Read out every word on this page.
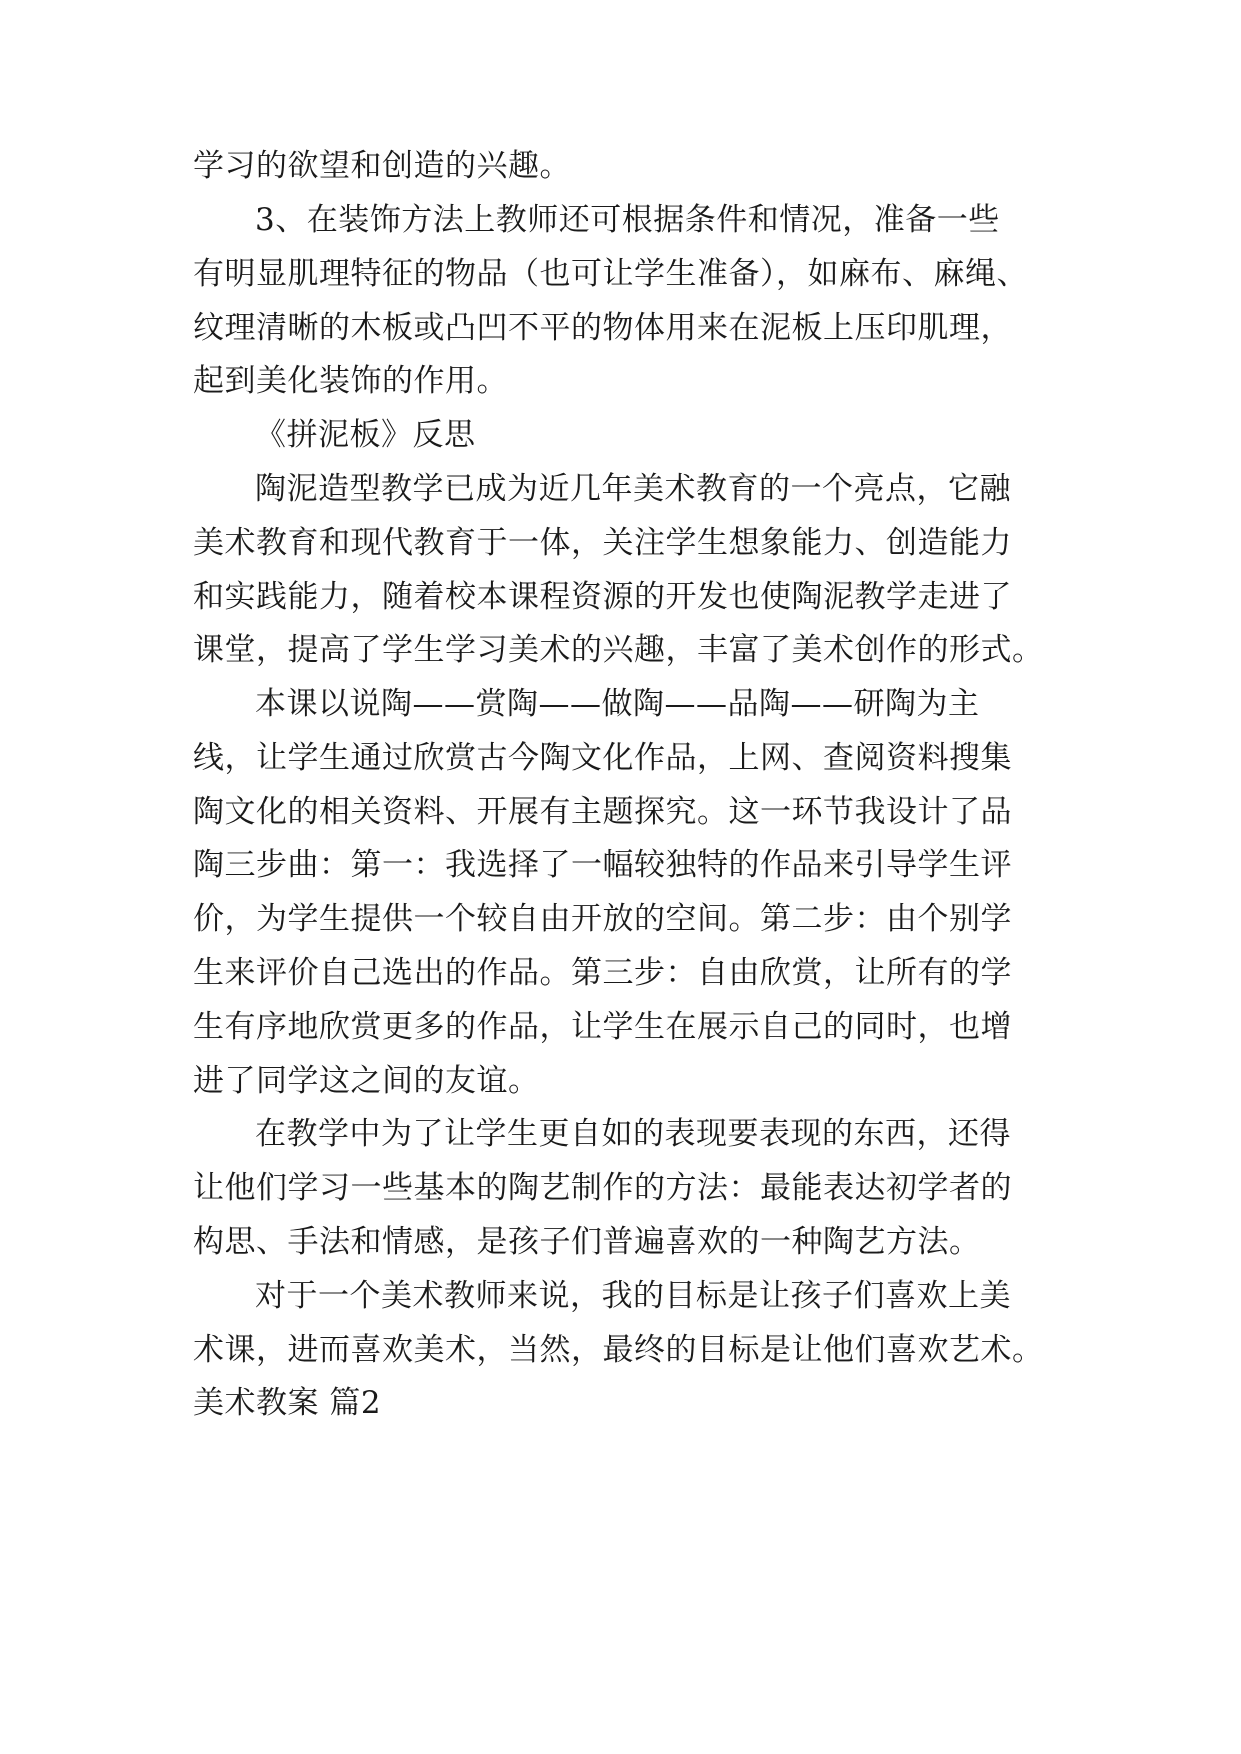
学习的欲望和创造的兴趣。
3、在装饰方法上教师还可根据条件和情况，准备一些
有明显肌理特征的物品（也可让学生准备），如麻布、麻绳、
纹理清晰的木板或凸凹不平的物体用来在泥板上压印肌理，
起到美化装饰的作用。
《拼泥板》反思
陶泥造型教学已成为近几年美术教育的一个亮点，它融
美术教育和现代教育于一体，关注学生想象能力、创造能力
和实践能力，随着校本课程资源的开发也使陶泥教学走进了
课堂，提高了学生学习美术的兴趣，丰富了美术创作的形式。
本课以说陶——赏陶——做陶——品陶——研陶为主
线，让学生通过欣赏古今陶文化作品，上网、查阅资料搜集
陶文化的相关资料、开展有主题探究。这一环节我设计了品
陶三步曲：第一：我选择了一幅较独特的作品来引导学生评
价，为学生提供一个较自由开放的空间。第二步：由个别学
生来评价自己选出的作品。第三步：自由欣赏，让所有的学
生有序地欣赏更多的作品，让学生在展示自己的同时，也增
进了同学这之间的友谊。
在教学中为了让学生更自如的表现要表现的东西，还得
让他们学习一些基本的陶艺制作的方法：最能表达初学者的
构思、手法和情感，是孩子们普遍喜欢的一种陶艺方法。
对于一个美术教师来说，我的目标是让孩子们喜欢上美
术课，进而喜欢美术，当然，最终的目标是让他们喜欢艺术。
美术教案 篇2
